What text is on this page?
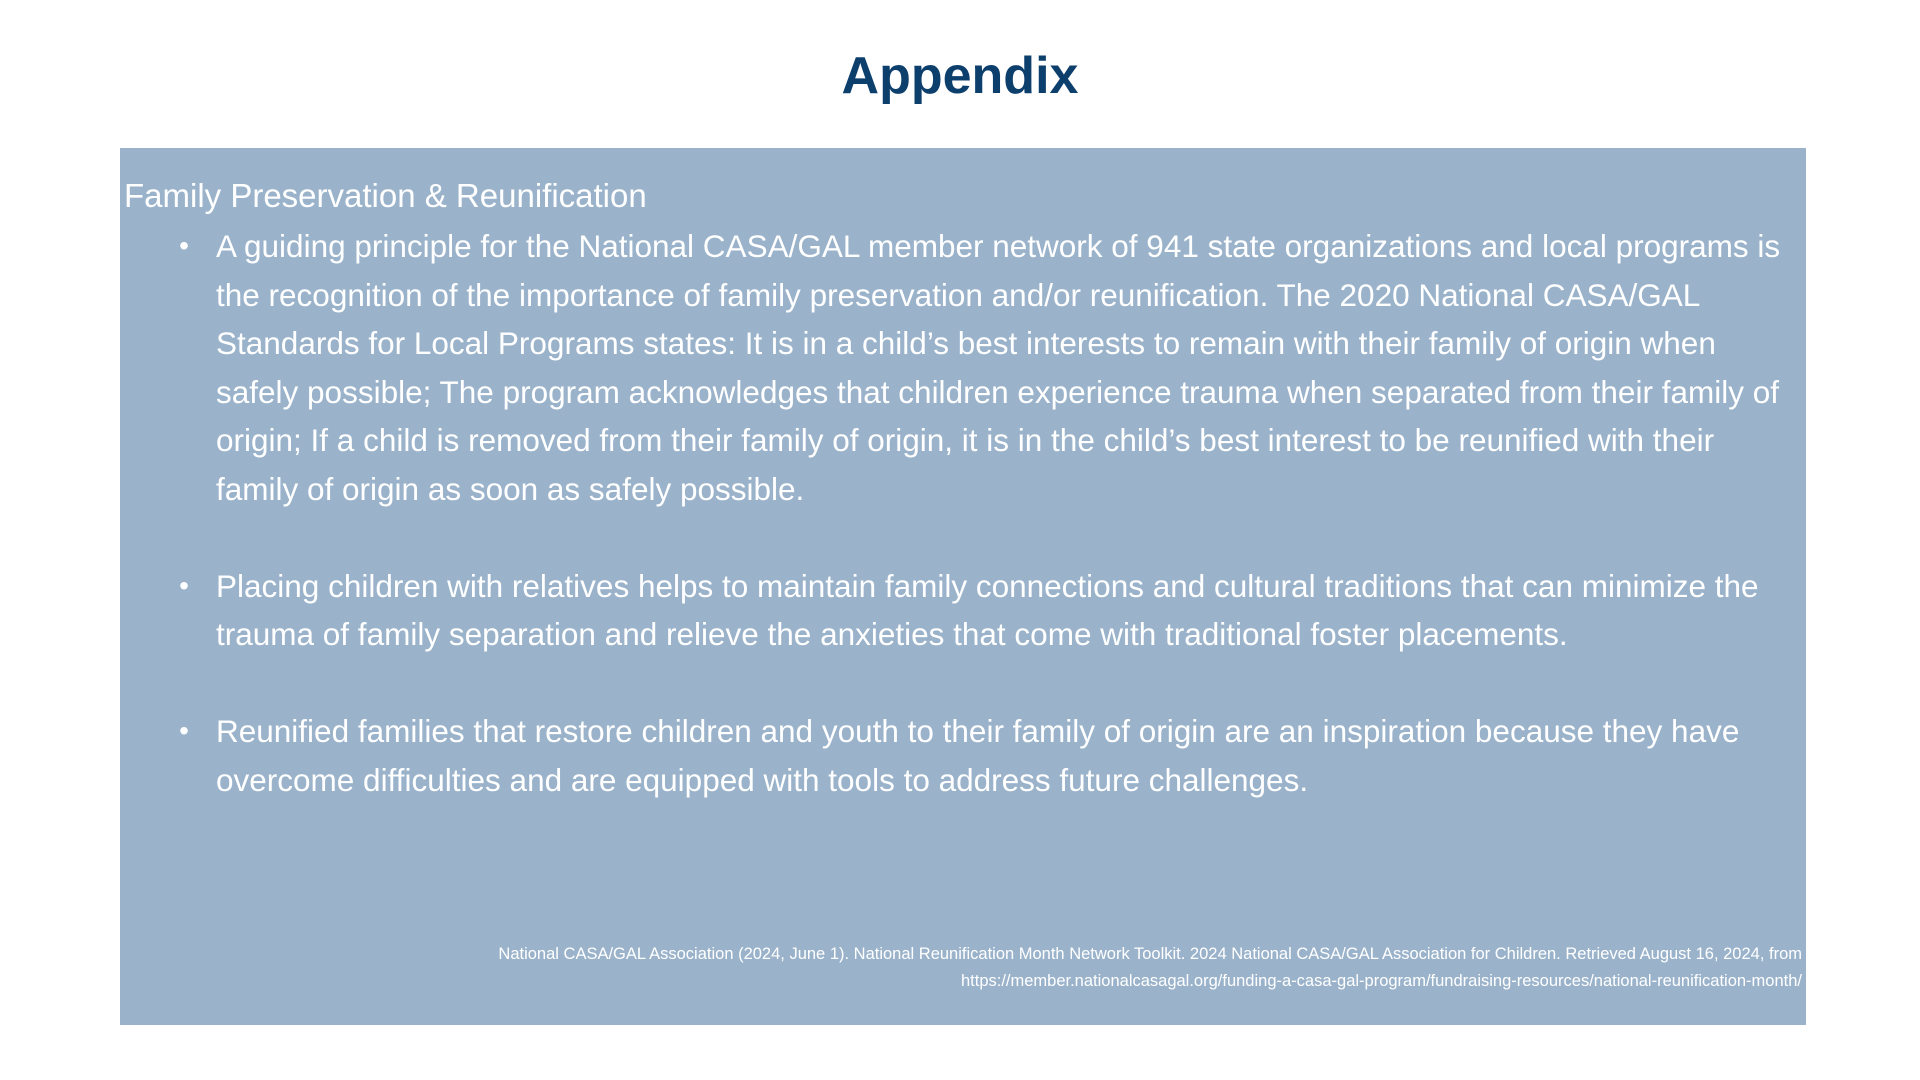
Appendix
Family Preservation & Reunification
• A guiding principle for the National CASA/GAL member network of 941 state organizations and local programs is the recognition of the importance of family preservation and/or reunification. The 2020 National CASA/GAL Standards for Local Programs states: It is in a child’s best interests to remain with their family of origin when safely possible; The program acknowledges that children experience trauma when separated from their family of origin; If a child is removed from their family of origin, it is in the child’s best interest to be reunified with their family of origin as soon as safely possible.
• Placing children with relatives helps to maintain family connections and cultural traditions that can minimize the trauma of family separation and relieve the anxieties that come with traditional foster placements.
• Reunified families that restore children and youth to their family of origin are an inspiration because they have overcome difficulties and are equipped with tools to address future challenges.

National CASA/GAL Association (2024, June 1). National Reunification Month Network Toolkit. 2024 National CASA/GAL Association for Children. Retrieved August 16, 2024, from
https://member.nationalcasagal.org/funding-a-casa-gal-program/fundraising-resources/national-reunification-month/
